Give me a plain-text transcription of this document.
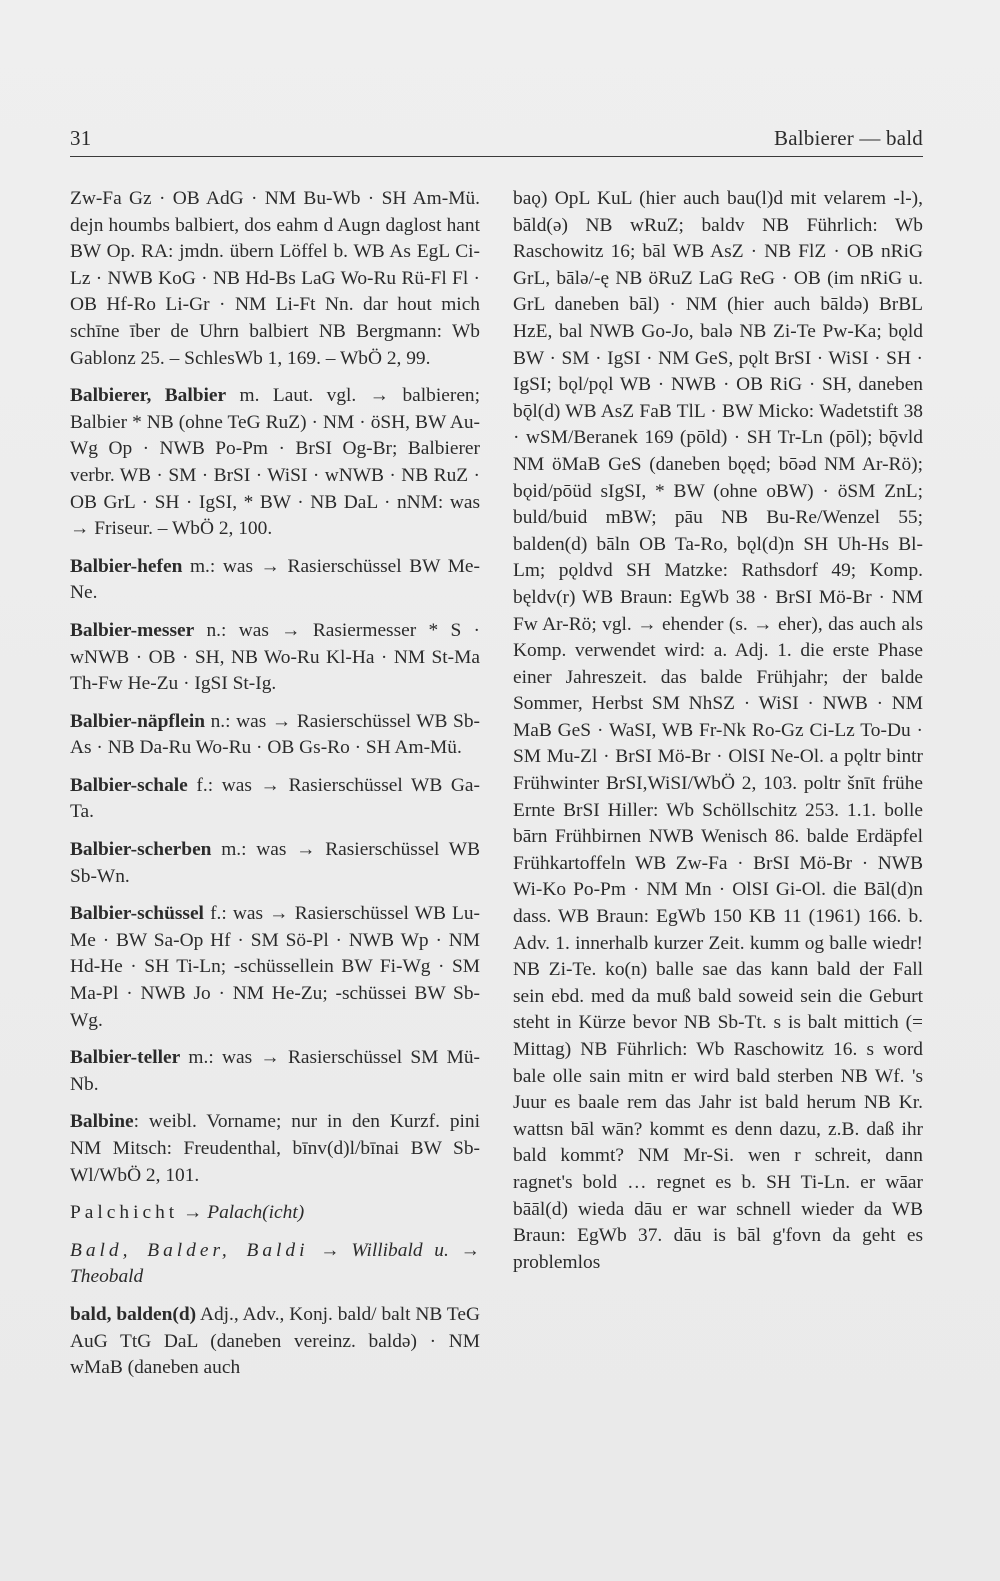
31	Balbierer — bald

Zw-Fa Gz · OB AdG · NM Bu-Wb · SH Am-Mü. dejn houmbs balbiert, dos eahm d Augn daglost hant BW Op. RA: jmdn. übern Löffel b. WB As EgL Ci-Lz · NWB KoG · NB Hd-Bs LaG Wo-Ru Rü-Fl Fl · OB Hf-Ro Li-Gr · NM Li-Ft Nn. dar hout mich schīne īber de Uhrn balbiert NB Bergmann: Wb Gablonz 25. – SchlesWb 1, 169. – WbÖ 2, 99.

Balbierer, Balbier m. Laut. vgl. → balbieren; Balbier * NB (ohne TeG RuZ) · NM · öSH, BW Au-Wg Op · NWB Po-Pm · BrSI Og-Br; Balbierer verbr. WB · SM · BrSI · WiSI · wNWB · NB RuZ · OB GrL · SH · IgSI, * BW · NB DaL · nNM: was → Friseur. – WbÖ 2, 100.

Balbier-hefen m.: was → Rasierschüssel BW Me-Ne.

Balbier-messer n.: was → Rasiermesser * S · wNWB · OB · SH, NB Wo-Ru Kl-Ha · NM St-Ma Th-Fw He-Zu · IgSI St-Ig.

Balbier-näpflein n.: was → Rasierschüssel WB Sb-As · NB Da-Ru Wo-Ru · OB Gs-Ro · SH Am-Mü.

Balbier-schale f.: was → Rasierschüssel WB Ga-Ta.

Balbier-scherben m.: was → Rasierschüssel WB Sb-Wn.

Balbier-schüssel f.: was → Rasierschüssel WB Lu-Me · BW Sa-Op Hf · SM Sö-Pl · NWB Wp · NM Hd-He · SH Ti-Ln; -schüssellein BW Fi-Wg · SM Ma-Pl · NWB Jo · NM He-Zu; -schüssei BW Sb-Wg.

Balbier-teller m.: was → Rasierschüssel SM Mü-Nb.

Balbine: weibl. Vorname; nur in den Kurzf. pini NM Mitsch: Freudenthal, bīnv(d)l/bīnai BW Sb-Wl/WbÖ 2, 101.

Palchicht → Palach(icht)

Bald, Balder, Baldi → Willibald u. → Theobald

bald, balden(d) Adj., Adv., Konj. bald/ balt NB TeG AuG TtG DaL (daneben vereinz. baldə) · NM wMaB (daneben auch

baǫ) OpL KuL (hier auch bau(l)d mit velarem -l-), bāld(ə) NB wRuZ; baldv NB Führlich: Wb Raschowitz 16; bāl WB AsZ · NB FlZ · OB nRiG GrL, bālə/-ę NB öRuZ LaG ReG · OB (im nRiG u. GrL daneben bāl) · NM (hier auch bāldə) BrBL HzE, bal NWB Go-Jo, balə NB Zi-Te Pw-Ka; bǫld BW · SM · IgSI · NM GeS, pǫlt BrSI · WiSI · SH · IgSI; bǫl/pǫl WB · NWB · OB RiG · SH, daneben bǭl(d) WB AsZ FaB TlL · BW Micko: Wadetstift 38 · wSM/Beranek 169 (pōld) · SH Tr-Ln (pōl); bǭvld NM öMaB GeS (daneben bǫęd; bōəd NM Ar-Rö); bǫid/pōüd sIgSI, * BW (ohne oBW) · öSM ZnL; buld/buid mBW; pāu NB Bu-Re/Wenzel 55; balden(d) bāln OB Ta-Ro, bǫl(d)n SH Uh-Hs Bl-Lm; pǫldvd SH Matzke: Rathsdorf 49; Komp. bęldv(r) WB Braun: EgWb 38 · BrSI Mö-Br · NM Fw Ar-Rö; vgl. → ehender (s. → eher), das auch als Komp. verwendet wird: a. Adj. 1. die erste Phase einer Jahreszeit. das balde Frühjahr; der balde Sommer, Herbst SM NhSZ · WiSI · NWB · NM MaB GeS · WaSI, WB Fr-Nk Ro-Gz Ci-Lz To-Du · SM Mu-Zl · BrSI Mö-Br · OlSI Ne-Ol. a pǫltr bintr Frühwinter BrSI,WiSI/WbÖ 2, 103. poltr šnīt frühe Ernte BrSI Hiller: Wb Schöllschitz 253. 1.1. bolle bārn Frühbirnen NWB Wenisch 86. balde Erdäpfel Frühkartoffeln WB Zw-Fa · BrSI Mö-Br · NWB Wi-Ko Po-Pm · NM Mn · OlSI Gi-Ol. die Bāl(d)n dass. WB Braun: EgWb 150 KB 11 (1961) 166. b. Adv. 1. innerhalb kurzer Zeit. kumm og balle wiedr! NB Zi-Te. ko(n) balle sae das kann bald der Fall sein ebd. med da muß bald soweid sein die Geburt steht in Kürze bevor NB Sb-Tt. s is balt mittich (= Mittag) NB Führlich: Wb Raschowitz 16. s word bale olle sain mitn er wird bald sterben NB Wf. 's Juur es baale rem das Jahr ist bald herum NB Kr. wattsn bāl wān? kommt es denn dazu, z.B. daß ihr bald kommt? NM Mr-Si. wen r schreit, dann ragnet's bold … regnet es b. SH Ti-Ln. er wāar bāāl(d) wieda dāu er war schnell wieder da WB Braun: EgWb 37. dāu is bāl g'fovn da geht es problemlos
